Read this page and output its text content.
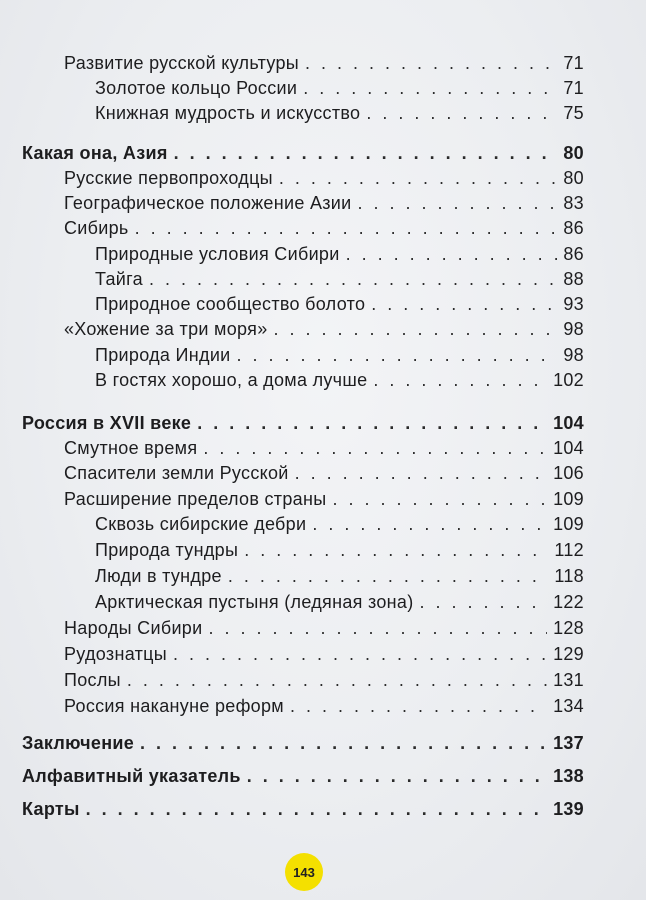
Развитие русской культуры . . .	71
Золотое кольцо России . . .	71
Книжная мудрость и искусство . . .	75
Какая она, Азия . . .	80
Русские первопроходцы . . .	80
Географическое положение Азии . . .	83
Сибирь . . .	86
Природные условия Сибири . . .	86
Тайга . . .	88
Природное сообщество болото . . .	93
«Хожение за три моря» . . .	98
Природа Индии . . .	98
В гостях хорошо, а дома лучше . . .	102
Россия в XVII веке . . .	104
Смутное время . . .	104
Спасители земли Русской . . .	106
Расширение пределов страны . . .	109
Сквозь сибирские дебри . . .	109
Природа тундры . . .	112
Люди в тундре . . .	118
Арктическая пустыня (ледяная зона) . . .	122
Народы Сибири . . .	128
Рудознатцы . . .	129
Послы . . .	131
Россия накануне реформ . . .	134
Заключение . . .	137
Алфавитный указатель . . .	138
Карты . . .	139
143
